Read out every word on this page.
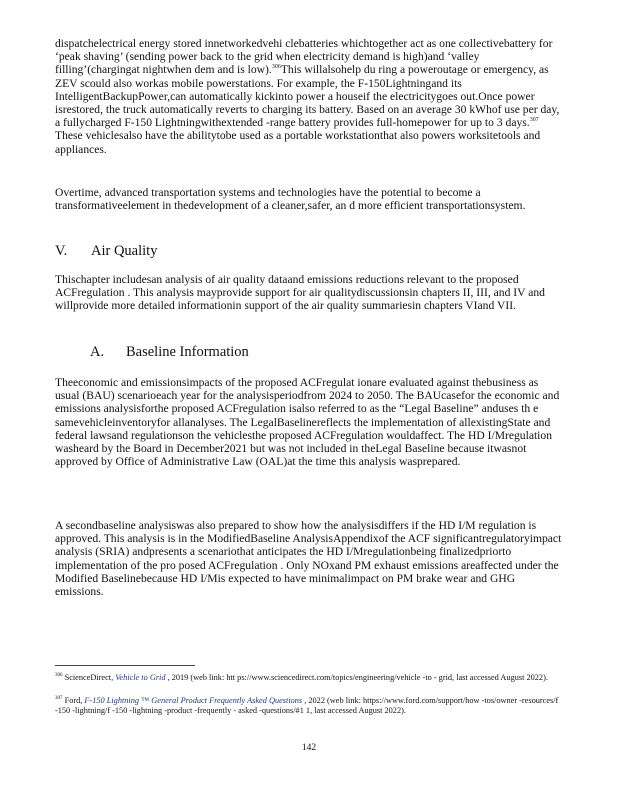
dispatchelectrical energy stored innetworkedvehi clebatteries whichtogether act as one collectivebattery for ‘peak shaving’ (sending power back to the grid when electricity demand is high)and ‘valley filling’(chargingat nightwhen dem and is low).$^{306}$This willalsohelp du ring a poweroutage or emergency, as ZEV scould also workas mobile powerstations. For example, the F-150Lightningand its IntelligentBackupPower,can automatically kickinto power a houseif the electricitygoes out.Once power isrestored, the truck automatically reverts to charging its battery. Based on an average 30 kWhof use per day, a fullycharged F-150 Lightningwithextended -range battery provides full-homepower for up to 3 days.$^{307}$ These vehiclesalso have the abilitytobe used as a portable workstationthat also powers worksitetools and appliances.
Overtime, advanced transportation systems and technologies have the potential to become a transformativeelement in thedevelopment of a cleaner,safer, an d more efficient transportationsystem.
V. Air Quality
Thischapter includesan analysis of air quality dataand emissions reductions relevant to the proposed ACFregulation . This analysis mayprovide support for air qualitydiscussionsin chapters II, III, and IV and willprovide more detailed informationin support of the air quality summariesin chapters VIand VII.
A. Baseline Information
Theeconomic and emissionsimpacts of the proposed ACFregulat ionare evaluated against thebusiness as usual (BAU) scenarioeach year for the analysisperiodfrom 2024 to 2050. The BAUcasefor the economic and emissions analysisforthe proposed ACFregulation isalso referred to as the “Legal Baseline” anduses th e samevehicleinventoryfor allanalyses. The LegalBaselinereflects the implementation of allexistingState and federal lawsand regulationson the vehiclesthe proposed ACFregulation wouldaffect. The HD I/Mregulation washeard by the Board in December2021 but was not included in theLegal Baseline because itwasnot approved by Office of Administrative Law (OAL)at the time this analysis wasprepared.
A secondbaseline analysiswas also prepared to show how the analysisdiffers if the HD I/M regulation is approved. This analysis is in the ModifiedBaseline AnalysisAppendixof the ACF significantregulatoryimpact analysis (SRIA) andpresents a scenariothat anticipates the HD I/Mregulationbeing finalizedpriorto implementation of the pro posed ACFregulation . Only NOxand PM exhaust emissions areaffected under the Modified Baselinebecause HD I/Mis expected to have minimalimpact on PM brake wear and GHG emissions.
$^{306}$ ScienceDirect, Vehicle to Grid , 2019 (web link: htt ps://www.sciencedirect.com/topics/engineering/vehicle -to - grid, last accessed August 2022).
$^{307}$ Ford, F-150 Lightning ™ General Product Frequently Asked Questions , 2022 (web link: https://www.ford.com/support/how -tos/owner -resources/f -150 -lightning/f -150 -lightning -product -frequently - asked -questions/#1 1, last accessed August 2022).
142
